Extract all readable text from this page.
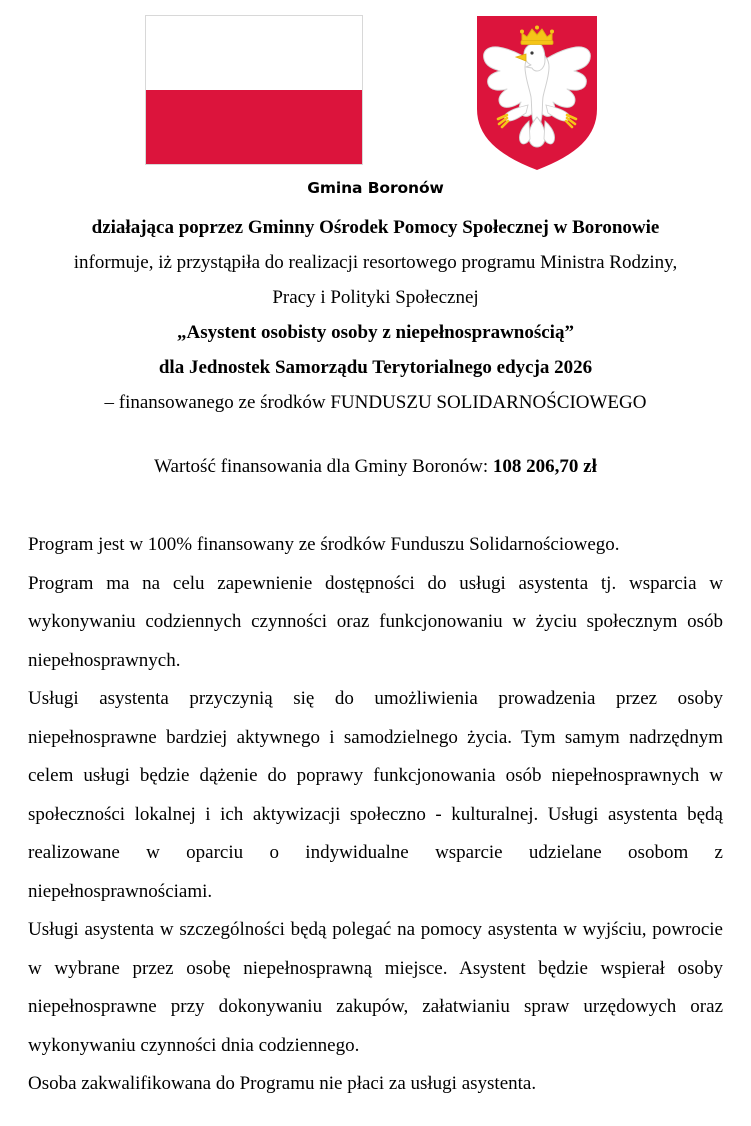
Gmina Boronów
działająca poprzez Gminny Ośrodek Pomocy Społecznej w Boronowie
informuje, iż przystąpiła do realizacji resortowego programu Ministra Rodziny,
Pracy i Polityki Społecznej
„Asystent osobisty osoby z niepełnosprawnością”
dla Jednostek Samorządu Terytorialnego edycja 2026
– finansowanego ze środków FUNDUSZU SOLIDARNOŚCIOWEGO
Wartość finansowania dla Gminy Boronów: 108 206,70 zł

Program jest w 100% finansowany ze środków Funduszu Solidarnościowego.

Program ma na celu zapewnienie dostępności do usługi asystenta tj. wsparcia w wykonywaniu codziennych czynności oraz funkcjonowaniu w życiu społecznym osób niepełnosprawnych.

Usługi asystenta przyczynią się do umożliwienia prowadzenia przez osoby niepełnosprawne bardziej aktywnego i samodzielnego życia. Tym samym nadrzędnym celem usługi będzie dążenie do poprawy funkcjonowania osób niepełnosprawnych w społeczności lokalnej i ich aktywizacji społeczno - kulturalnej. Usługi asystenta będą realizowane w oparciu o indywidualne wsparcie udzielane osobom z niepełnosprawnościami.

Usługi asystenta w szczególności będą polegać na pomocy asystenta w wyjściu, powrocie w wybrane przez osobę niepełnosprawną miejsce. Asystent będzie wspierał osoby niepełnosprawne przy dokonywaniu zakupów, załatwianiu spraw urzędowych oraz wykonywaniu czynności dnia codziennego.

Osoba zakwalifikowana do Programu nie płaci za usługi asystenta.
